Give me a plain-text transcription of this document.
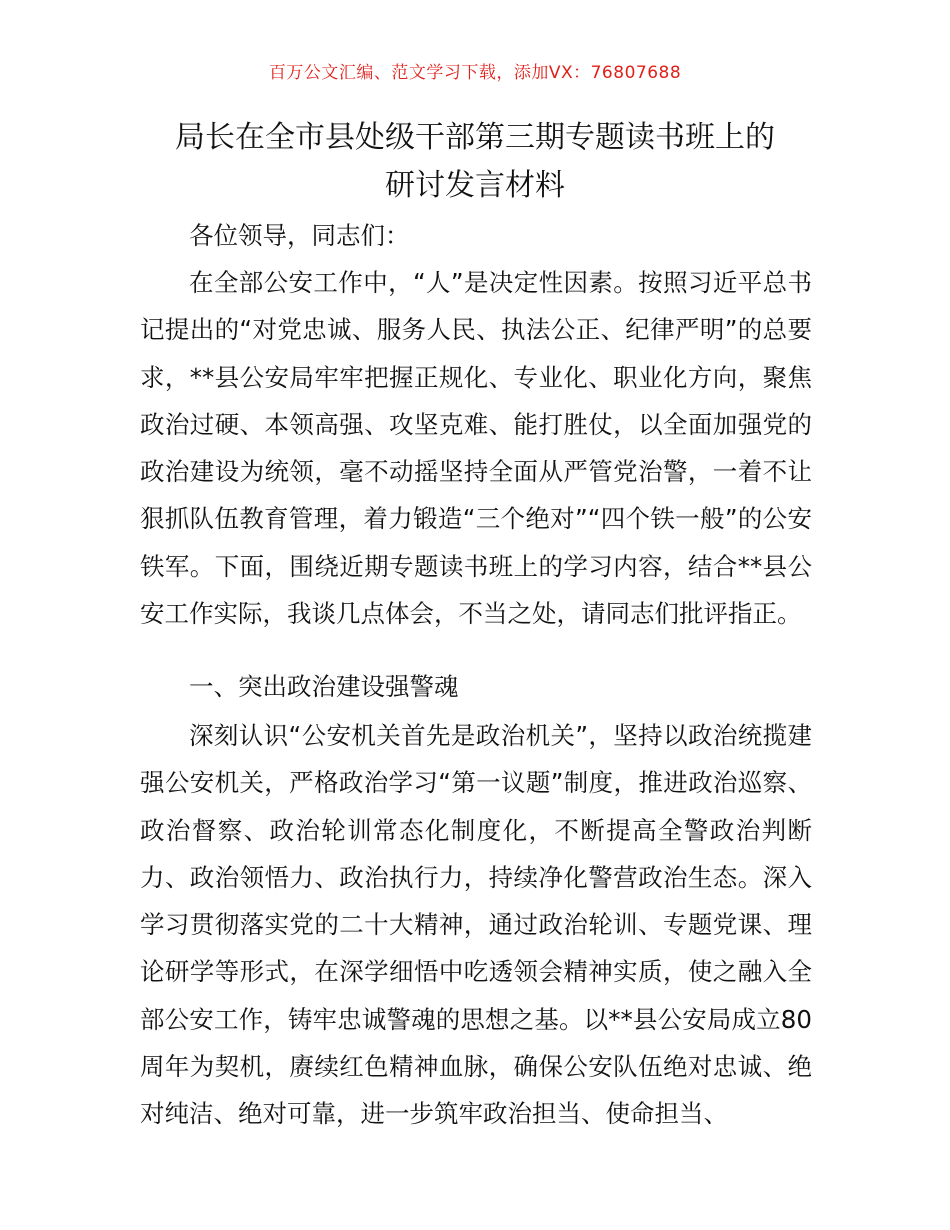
百万公文汇编、范文学习下载，添加VX：76807688
局长在全市县处级干部第三期专题读书班上的
研讨发言材料

各位领导，同志们：

在全部公安工作中，“人”是决定性因素。按照习近平总书记提出的“对党忠诚、服务人民、执法公正、纪律严明”的总要求，**县公安局牢牢把握正规化、专业化、职业化方向，聚焦政治过硬、本领高强、攻坚克难、能打胜仗，以全面加强党的政治建设为统领，毫不动摇坚持全面从严管党治警，一着不让狠抓队伍教育管理，着力锻造“三个绝对”“四个铁一般”的公安铁军。下面，围绕近期专题读书班上的学习内容，结合**县公安工作实际，我谈几点体会，不当之处，请同志们批评指正。

一、突出政治建设强警魂

深刻认识“公安机关首先是政治机关”，坚持以政治统揽建强公安机关，严格政治学习“第一议题”制度，推进政治巡察、政治督察、政治轮训常态化制度化，不断提高全警政治判断力、政治领悟力、政治执行力，持续净化警营政治生态。深入学习贯彻落实党的二十大精神，通过政治轮训、专题党课、理论研学等形式，在深学细悟中吃透领会精神实质，使之融入全部公安工作，铸牢忠诚警魂的思想之基。以**县公安局成立80周年为契机，赓续红色精神血脉，确保公安队伍绝对忠诚、绝对纯洁、绝对可靠，进一步筑牢政治担当、使命担当、
